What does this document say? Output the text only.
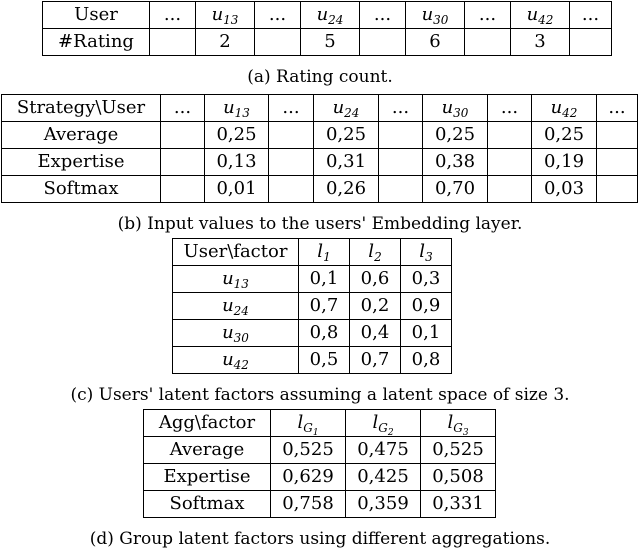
User	...	$u_{13}$	...	$u_{24}$	...	$u_{30}$	...	$u_{42}$	...
#Rating		2		5		6		3	
(a) Rating count.
Strategy\User	...	$u_{13}$	...	$u_{24}$	...	$u_{30}$	...	$u_{42}$	...
Average		0,25		0,25		0,25		0,25	
Expertise		0,13		0,31		0,38		0,19	
Softmax		0,01		0,26		0,70		0,03	
(b) Input values to the users' Embedding layer.
User\factor	$l_1$	$l_2$	$l_3$
$u_{13}$	0,1	0,6	0,3
$u_{24}$	0,7	0,2	0,9
$u_{30}$	0,8	0,4	0,1
$u_{42}$	0,5	0,7	0,8
(c) Users' latent factors assuming a latent space of size 3.
Agg\factor	$l_{G_1}$	$l_{G_2}$	$l_{G_3}$
Average	0,525	0,475	0,525
Expertise	0,629	0,425	0,508
Softmax	0,758	0,359	0,331
(d) Group latent factors using different aggregations.
